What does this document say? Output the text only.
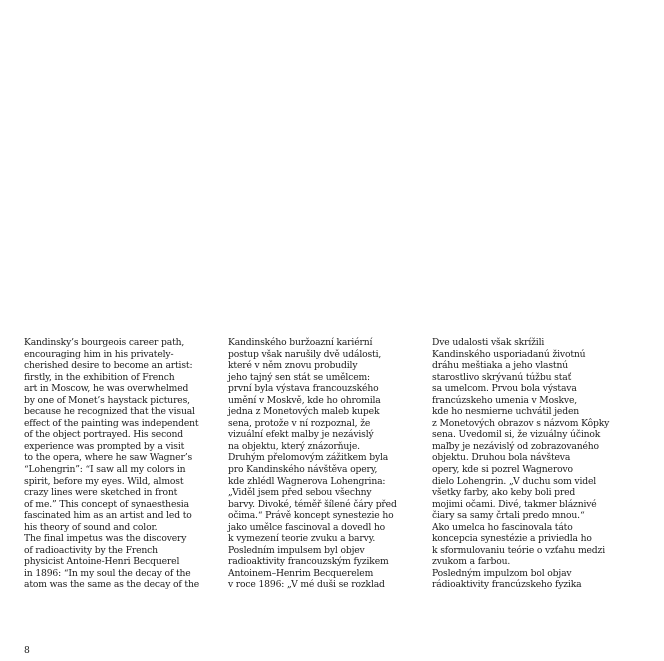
Kandinsky’s bourgeois career path,
encouraging him in his privately-
cherished desire to become an artist:
firstly, in the exhibition of French
art in Moscow, he was overwhelmed
by one of Monet’s haystack pictures,
because he recognized that the visual
effect of the painting was independent
of the object portrayed. His second
experience was prompted by a visit
to the opera, where he saw Wagner’s
“Lohengrin”: “I saw all my colors in
spirit, before my eyes. Wild, almost
crazy lines were sketched in front
of me.” This concept of synaesthesia
fascinated him as an artist and led to
his theory of sound and color.
The final impetus was the discovery
of radioactivity by the French
physicist Antoine-Henri Becquerel
in 1896: “In my soul the decay of the
atom was the same as the decay of the
Kandinského buržoazní kariérní
postup však narušily dvě události,
které v něm znovu probudily
jeho tajný sen stát se umělcem:
první byla výstava francouzského
umění v Moskvě, kde ho ohromila
jedna z Monetových maleb kupek
sena, protože v ní rozpoznal, že
vizuální efekt malby je nezávislý
na objektu, který znázorňuje.
Druhým přelomovým zážitkem byla
pro Kandinského návštěva opery,
kde zhlédl Wagnerova Lohengrina:
„Viděl jsem před sebou všechny
barvy. Divoké, téměř šílené čáry před
očima.“ Právě koncept synestezie ho
jako umělce fascinoval a dovedl ho
k vymezení teorie zvuku a barvy.
Posledním impulsem byl objev
radioaktivity francouzským fyzikem
Antoinem–Henrim Becquerelem
v roce 1896: „V mé duši se rozklad
Dve udalosti však skrížili
Kandinského usporiadanú životnú
dráhu meštiaka a jeho vlastnú
starostlivo skrývanú túžbu stať
sa umelcom. Prvou bola výstava
francúzskeho umenia v Moskve,
kde ho nesmierne uchvátil jeden
z Monetových obrazov s názvom Kôpky
sena. Uvedomil si, že vizuálny účinok
maľby je nezávislý od zobrazovaného
objektu. Druhou bola návšteva
opery, kde si pozrel Wagnerovo
dielo Lohengrin. „V duchu som videl
všetky farby, ako keby boli pred
mojimi očami. Divé, takmer bláznivé
čiary sa samy črtali predo mnou.“
Ako umelca ho fascinovala táto
koncepcia synestézie a priviedla ho
k sformulovaniu teórie o vzťahu medzi
zvukom a farbou.
Posledným impulzom bol objav
rádioaktivity francúzskeho fyzika
8
